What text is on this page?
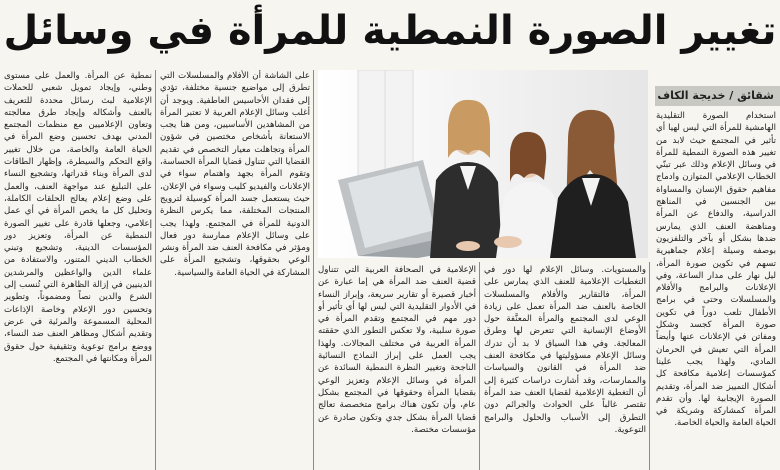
تغيير الصورة النمطية للمرأة في وسائل
شقائق / خديجة الكاف

استخدام الصورة التقليدية الهامشية للمرأة التي ليس لهيا أي تأثير في المجتمع حيث لابد من تغيير هذه الصورة النمطية للمرأة في وسائل الإعلام وذلك عبر تبنّي الخطاب الإعلامي المتوازن وادماج مفاهيم حقوق الإنسان والمساواة بين الجنسين في المناهج الدراسية، والدفاع عن المرأة ومناهضة العنف الذي يمارس ضدها بشكل أو بآخر والتلفزيون بوصفه وسيلة إعلام جماهيرية تسهم في تكوين صورة المرأة، ليل نهار على مدار الساعة، وفي الإعلانات والبرامج والأفلام والمسلسلات وحتى في برامج الأطفال تلعب دوراً في تكوين صورة المرأة كجسد وشكل ومفاتن في الإعلانات عنها وأيضاً المرأة التي تعيش في الحرمان المادي، ولهذا يجب علينا كمؤسسات إعلامية مكافحة كل أشكال التمييز ضد المرأة، وتقديم الصورة الإيجابية لها. وأن تقدم المرأة كمشاركة وشريكة في الحياة العامة والحياة الخاصة.

والمستويات. وسائل الإعلام لها دور في التغطيات الإعلامية للعنف الذي يمارس على المرأة، فالتقارير والأفلام والمسلسلات الخاصة بالعنف ضد المرأة تعمل على زيادة الوعي لدى المجتمع والمرأة المعنَّفة حول الأوضاع الإنسانية التي تتعرض لها وطرق المعالجة. وفي هذا السياق لا بد أن تدرك وسائل الإعلام مسؤوليتها في مكافحة العنف ضد المرأة في القانون والسياسات والممارسات، وقد أشارت دراسات كثيرة إلى أن التغطية الإعلامية لقضايا العنف ضد المرأة تقتصر غالباً على الحوادث والجرائم دون التطرق إلى الأسباب والحلول والبرامج التوعوية.

الإعلامية في الصحافة العربية التي تتناول قضية العنف ضد المرأة هي إما عبارة عن أخبار قصيرة أو تقارير سريعة، وإبراز النساء في الأدوار التقليدية التي ليس لها أي تأثير أو دور مهم في المجتمع وتقدم المرأة في صورة سلبية، ولا تعكس التطور الذي حققته المرأة العربية في مختلف المجالات. ولهذا يجب العمل على إبراز النماذج النسائية الناجحة وتغيير النظرة النمطية السائدة عن المرأة في وسائل الإعلام وتعزيز الوعي بقضايا المرأة وحقوقها في المجتمع بشكل عام، وأن تكون هناك برامج متخصصة تعالج قضايا المرأة بشكل جدي وتكون صادرة عن مؤسسات مختصة.

على الشاشة أن الأفلام والمسلسلات التي تطرق إلى مواضيع جنسية مختلفة، تؤدي إلى فقدان الأحاسيس العاطفية. ويوجد أن أغلب وسائل الإعلام العربية لا تعتبر المرأة من المشاهدين الأساسيين، ومن هنا يجب الاستعانة بأشخاص مختصين في شؤون المرأة وتجاهلت معيار التخصص في تقديم القضايا التي تتناول قضايا المرأة الحساسة، وتقوم المرأة بجهد واهتمام سواء في الإعلانات والفيديو كليب وسواء في الإعلان، حيث يستعمل جسد المرأة كوسيلة لترويج المنتجات المختلفة، مما يكرس النظرة الدونية للمرأة في المجتمع. ولهذا يجب على وسائل الإعلام ممارسة دور فعال ومؤثر في مكافحة العنف ضد المرأة ونشر الوعي بحقوقها، وتشجيع المرأة على المشاركة في الحياة العامة والسياسية.

نمطية عن المرأة. والعمل على مستوى وطني، وإيجاد تمويل شعبي للحملات الإعلامية لبث رسائل محددة للتعريف بالعنف وأشكاله وإيجاد طرق معالجته وتعاون الإعلاميين مع منظمات المجتمع المدني بهدف تحسين وضع المرأة في الحياة العامة والخاصة، من خلال تغيير واقع التحكم والسيطرة، وإظهار الطاقات لدى المرأة وبناء قدراتها، وتشجيع النساء على التبليغ عند مواجهة العنف، والعمل على وضع إعلام يعالج الحلقات الكاملة، وتحليل كل ما يخص المرأة في أي عمل إعلامي، وجعلها قادرة على تغيير الصورة النمطية عن المرأة، وتعزيز دور المؤسسات الدينية، وتشجيع وتبني الخطاب الديني المتنور، والاستفادة من علماء الدين والواعظين والمرشدين الدينيين في إزالة الظاهرة التي تُنسب إلى الشرع والدين نصاً ومضموناً، وتطوير وتحسين دور الإعلام وخاصة الإذاعات المحلية المسموعة والمرئية في عرض وتقديم أشكال ومظاهر العنف ضد النساء، ووضع برامج توعوية وتثقيفية حول حقوق المرأة ومكانتها في المجتمع.
